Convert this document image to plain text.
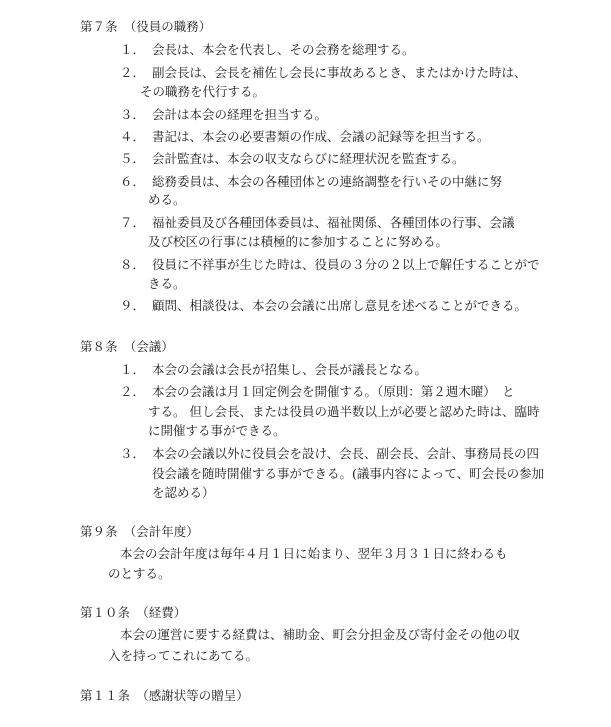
第７条　（役員の職務）
１． 会長は、本会を代表し、その会務を総理する。
２． 副会長は、会長を補佐し会長に事故あるとき、またはかけた時は、
その職務を代行する。
３． 会計は本会の経理を担当する。
４． 書記は、本会の必要書類の作成、会議の記録等を担当する。
５． 会計監査は、本会の収支ならびに経理状況を監査する。
６． 総務委員は、本会の各種団体との連絡調整を行いその中継に努
める。
７． 福祉委員及び各種団体委員は、福祉関係、各種団体の行事、会議
及び校区の行事には積極的に参加することに努める。
８． 役員に不祥事が生じた時は、役員の３分の２以上で解任することがで
きる。
９． 顧問、相談役は、本会の会議に出席し意見を述べることができる。
第８条　（会議）
１． 本会の会議は会長が招集し、会長が議長となる。
２． 本会の会議は月１回定例会を開催する。（原則：第２週木曜）　と
する。 但し会長、または役員の過半数以上が必要と認めた時は、臨時
に開催する事ができる。
３． 本会の会議以外に役員会を設け、会長、副会長、会計、事務局長の四
役会議を随時開催する事ができる。(議事内容によって、町会長の参加
を認める）
第９条　（会計年度）
本会の会計年度は毎年４月１日に始まり、翌年３月３１日に終わるも
のとする。
第１０条　（経費）
本会の運営に要する経費は、補助金、町会分担金及び寄付金その他の収
入を持ってこれにあてる。
第１１条　（感謝状等の贈呈）
